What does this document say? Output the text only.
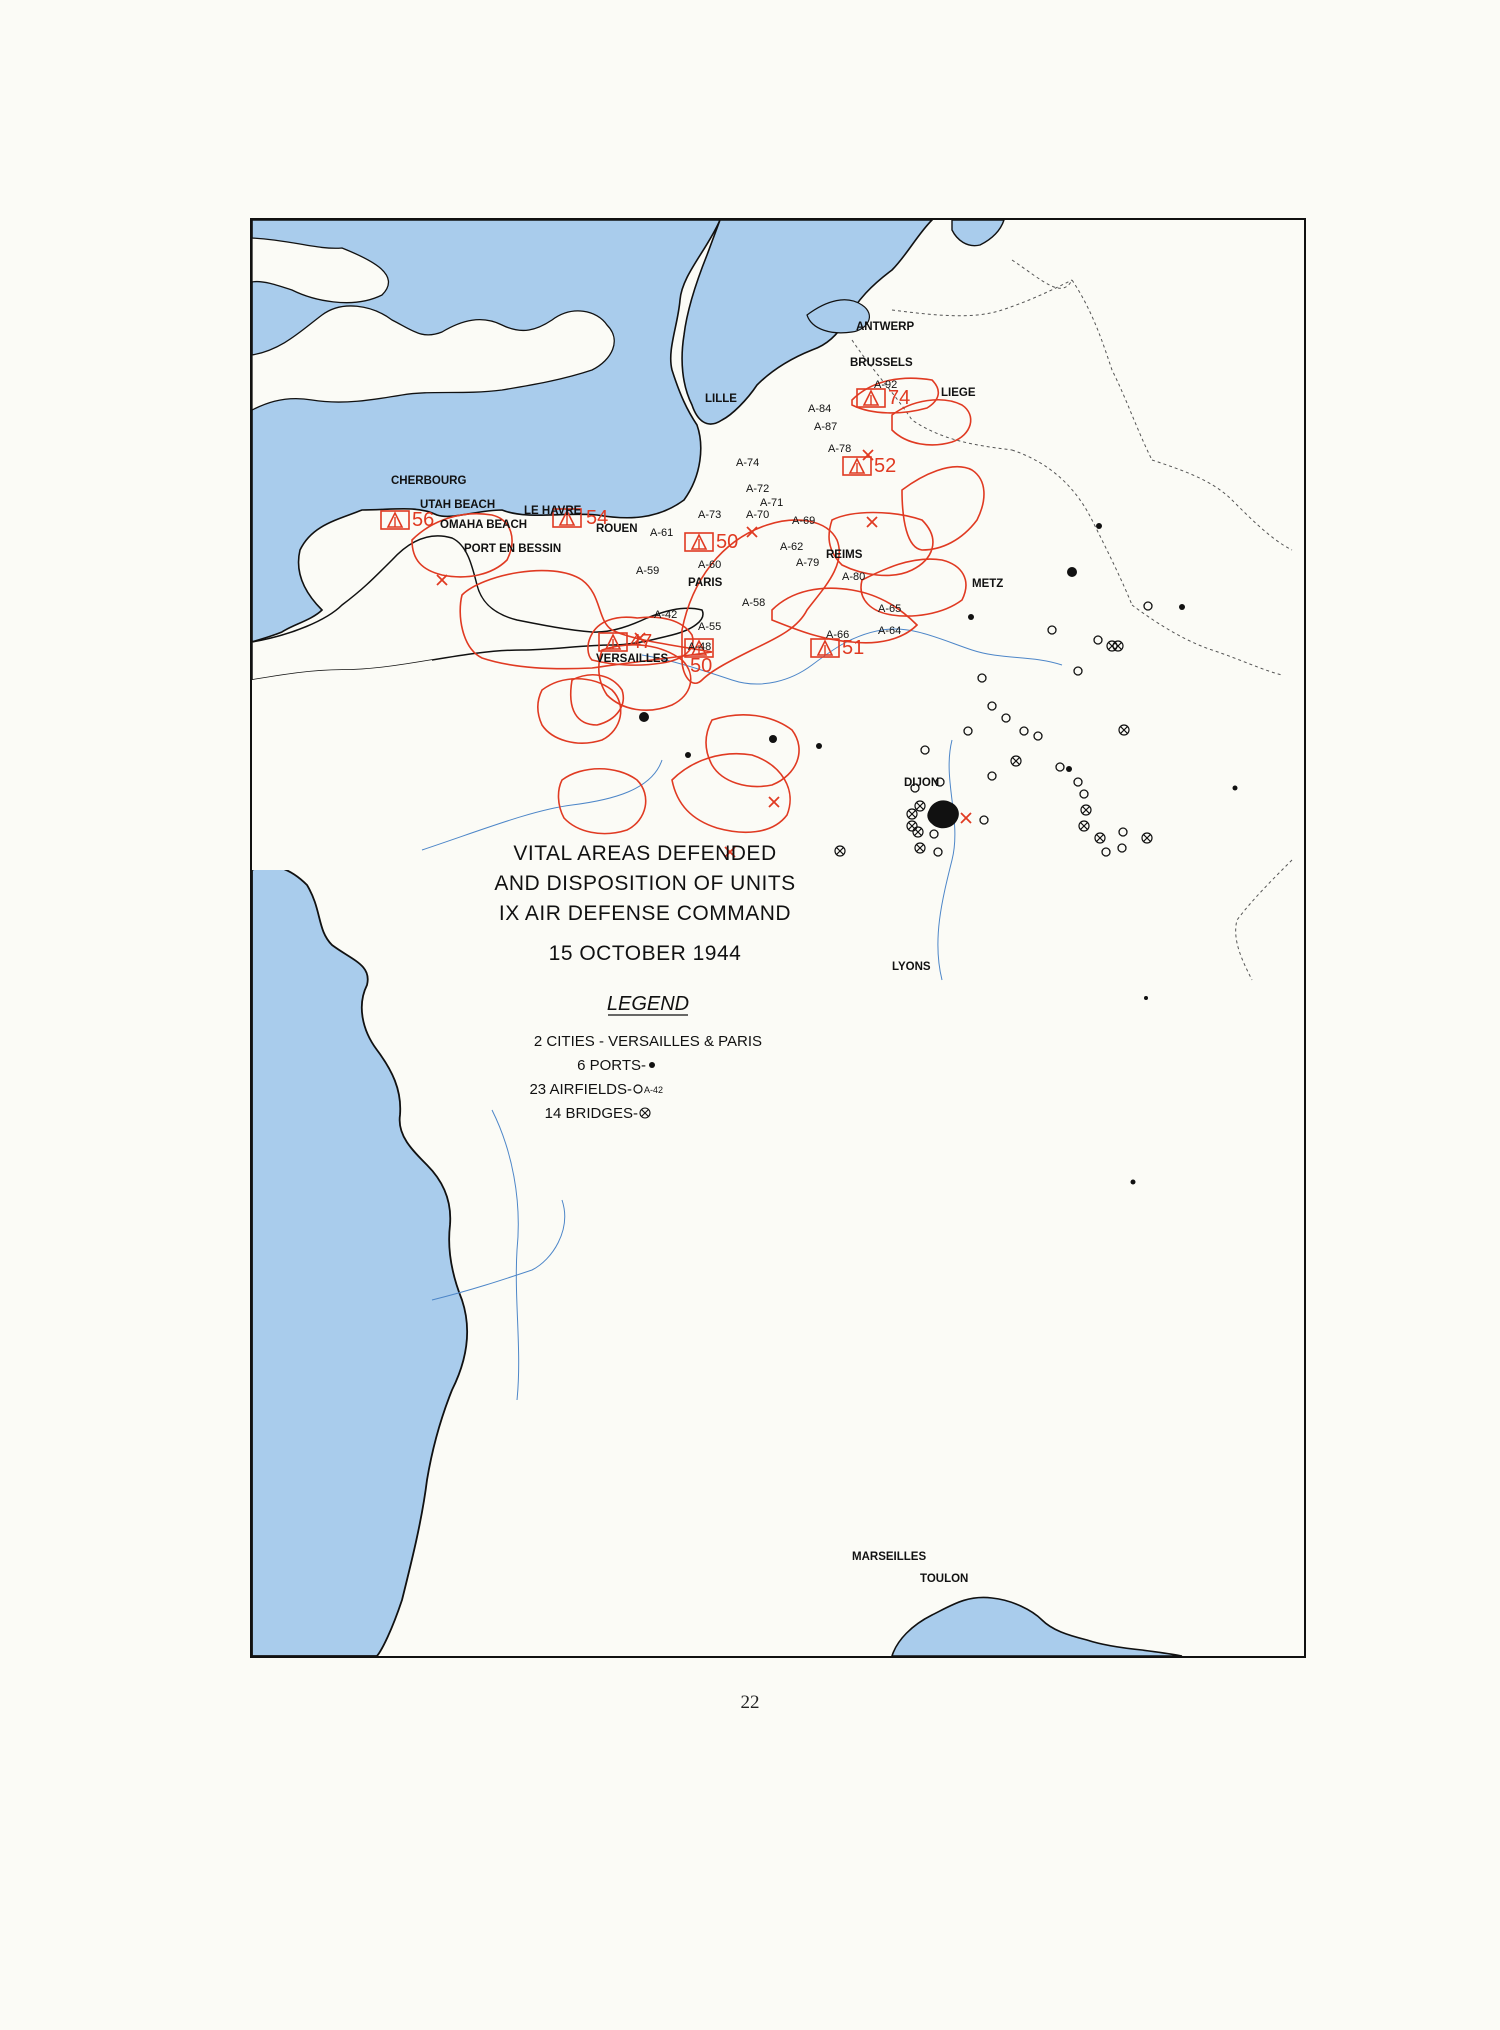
56	54
50
50
47	51
52
74
ANTWERP
BRUSSELS
LILLE	LIEGE
METZ
REIMS
PARIS
VERSAILLES
ROUEN
LE HAVRE
CHERBOURG
UTAH BEACH
OMAHA BEACH
PORT EN BESSIN
DIJON
LYONS
MARSEILLES
TOULON
A-92
A-84
A-87
A-78
A-74
A-72
A-71
A-73 A-70 A-69
A-61
A-60
A-62
A-79
A-80
A-59
A-42
A-58
A-55
A-48
A-65
A-64
A-66
VITAL AREAS DEFENDED
AND DISPOSITION OF UNITS
IX AIR DEFENSE COMMAND
15 OCTOBER 1944
LEGEND
2 CITIES - VERSAILLES & PARIS
6 PORTS-
23 AIRFIELDS- A-42
14 BRIDGES-
22
